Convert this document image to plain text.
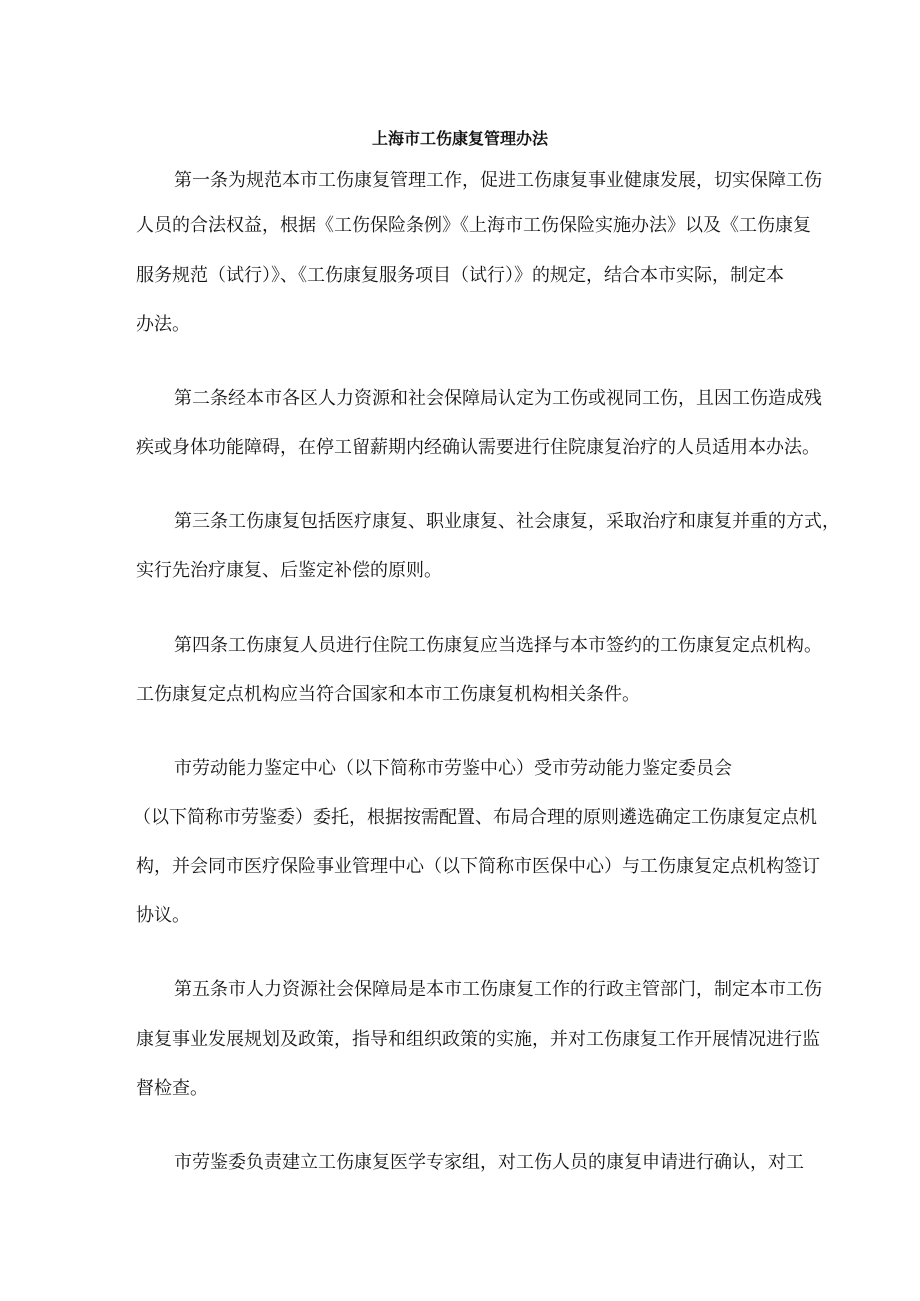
上海市工伤康复管理办法

第一条为规范本市工伤康复管理工作，促进工伤康复事业健康发展，切实保障工伤

人员的合法权益，根据《工伤保险条例》《上海市工伤保险实施办法》以及《工伤康复

服务规范（试行）》、《工伤康复服务项目（试行）》的规定，结合本市实际，制定本

办法。

第二条经本市各区人力资源和社会保障局认定为工伤或视同工伤，且因工伤造成残

疾或身体功能障碍，在停工留薪期内经确认需要进行住院康复治疗的人员适用本办法。

第三条工伤康复包括医疗康复、职业康复、社会康复，采取治疗和康复并重的方式，

实行先治疗康复、后鉴定补偿的原则。

第四条工伤康复人员进行住院工伤康复应当选择与本市签约的工伤康复定点机构。

工伤康复定点机构应当符合国家和本市工伤康复机构相关条件。

市劳动能力鉴定中心（以下简称市劳鉴中心）受市劳动能力鉴定委员会

（以下简称市劳鉴委）委托，根据按需配置、布局合理的原则遴选确定工伤康复定点机

构，并会同市医疗保险事业管理中心（以下简称市医保中心）与工伤康复定点机构签订

协议。

第五条市人力资源社会保障局是本市工伤康复工作的行政主管部门，制定本市工伤

康复事业发展规划及政策，指导和组织政策的实施，并对工伤康复工作开展情况进行监

督检查。

市劳鉴委负责建立工伤康复医学专家组，对工伤人员的康复申请进行确认，对工
